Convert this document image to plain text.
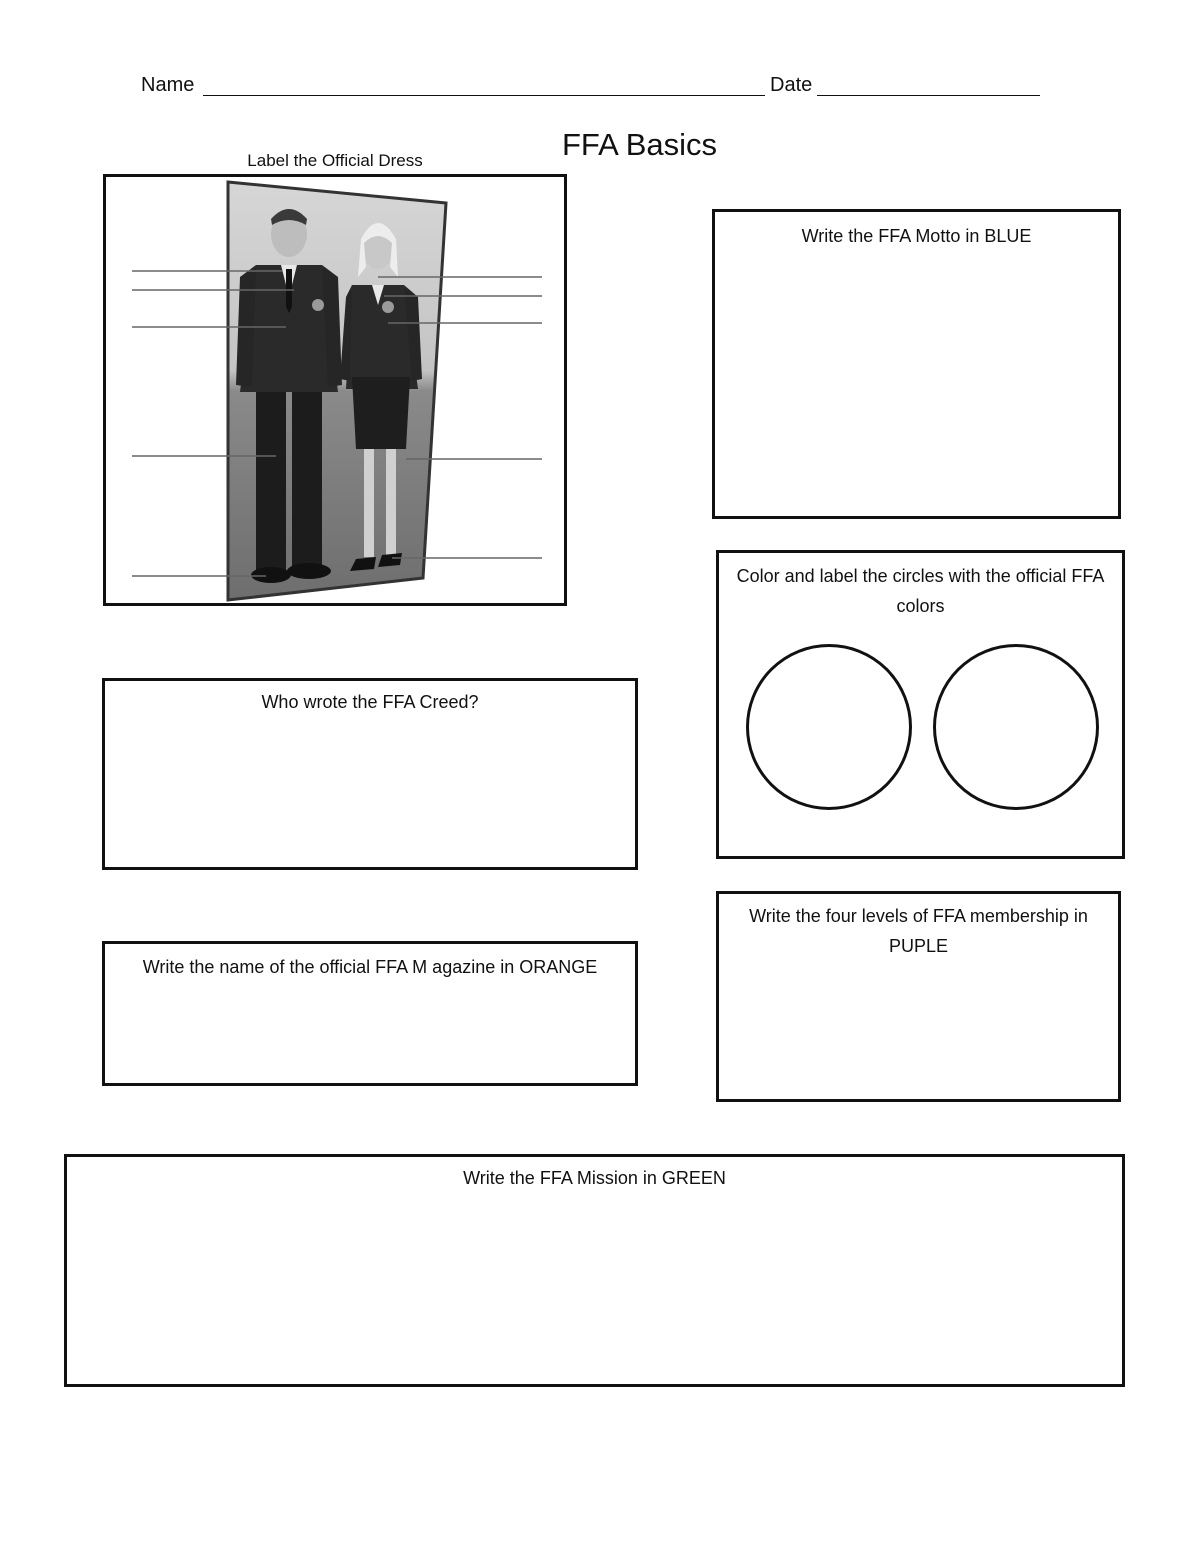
Name	Date
FFA Basics
Label the Official Dress
Write the FFA Motto in BLUE
Color and label the circles with the official FFA colors
Who wrote the FFA Creed?
Write the four levels of FFA membership in PUPLE
Write the name of the official FFA M agazine in ORANGE
Write the FFA Mission in GREEN
